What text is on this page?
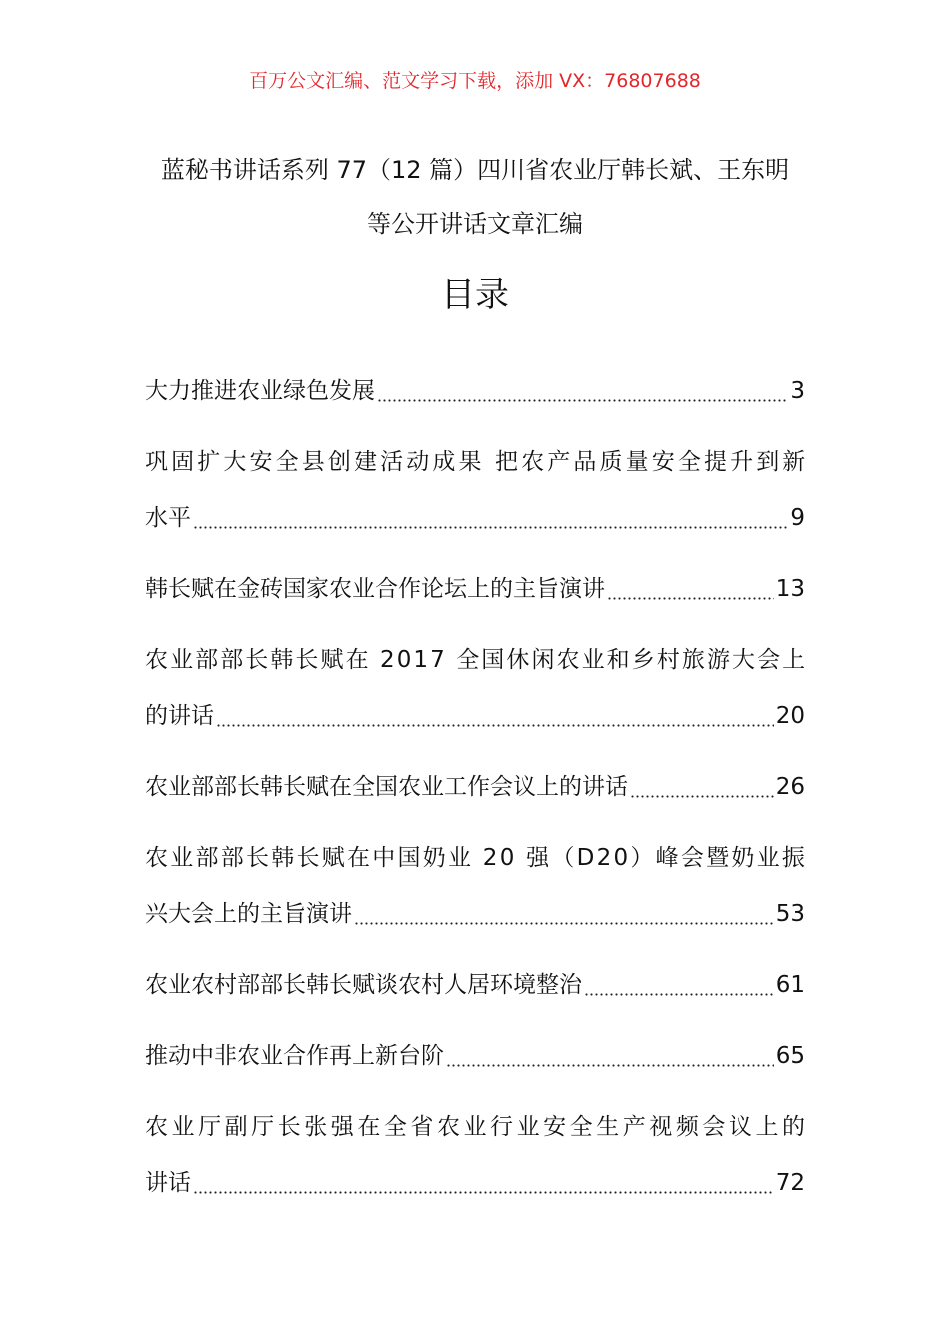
百万公文汇编、范文学习下载，添加 VX：76807688
蓝秘书讲话系列 77（12 篇）四川省农业厅韩长斌、王东明
等公开讲话文章汇编
目录
大力推进农业绿色发展	3
巩固扩大安全县创建活动成果 把农产品质量安全提升到新
水平	9
韩长赋在金砖国家农业合作论坛上的主旨演讲	13
农业部部长韩长赋在 2017 全国休闲农业和乡村旅游大会上
的讲话	20
农业部部长韩长赋在全国农业工作会议上的讲话	26
农业部部长韩长赋在中国奶业 20 强（D20）峰会暨奶业振
兴大会上的主旨演讲	53
农业农村部部长韩长赋谈农村人居环境整治	61
推动中非农业合作再上新台阶	65
农业厅副厅长张强在全省农业行业安全生产视频会议上的
讲话	72
